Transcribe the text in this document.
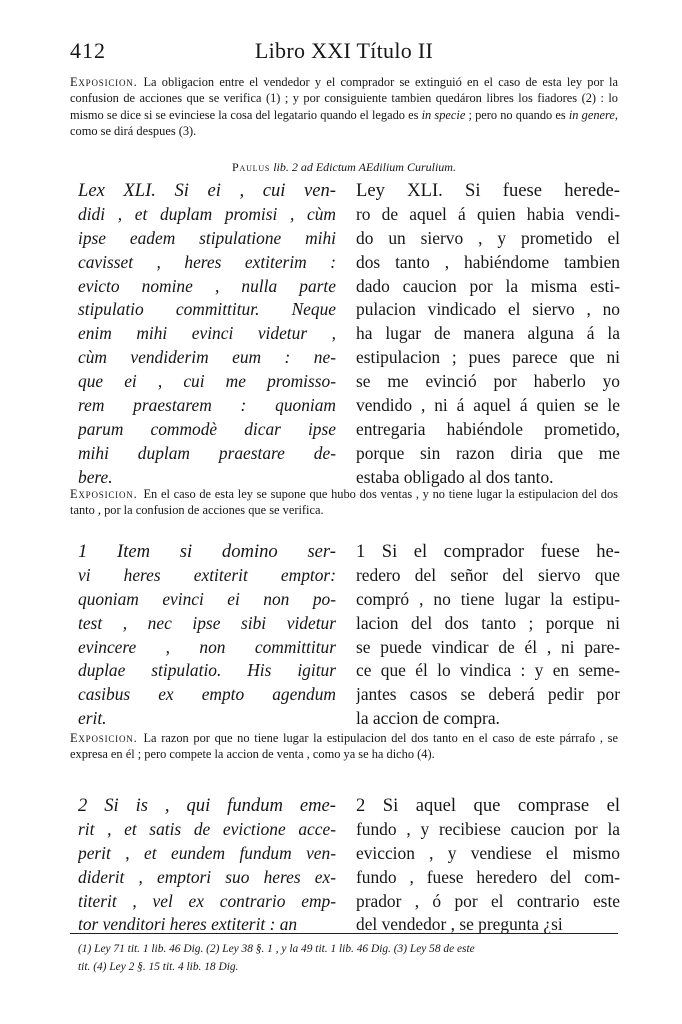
412	Libro XXI Título II
Exposicion. La obligacion entre el vendedor y el comprador se extinguió en el caso de esta ley por la confusion de acciones que se verifica (1) ; y por consiguiente tambien quedáron libres los fiadores (2) : lo mismo se dice si se evinciese la cosa del legatario quando el legado es in specie ; pero no quando es in genere, como se dirá despues (3).
Paulus lib. 2 ad Edictum AEdilium Curulium.
Lex XLI. Si ei , cui ven-
didi , et duplam promisi , cùm
ipse eadem stipulatione mihi
cavisset , heres extiterim :
evicto nomine , nulla parte
stipulatio committitur. Neque
enim mihi evinci videtur ,
cùm vendiderim eum : ne-
que ei , cui me promisso-
rem praestarem : quoniam
parum commodè dicar ipse
mihi duplam praestare de-
bere.
Ley XLI. Si fuese herede-
ro de aquel á quien habia vendi-
do un siervo , y prometido el
dos tanto , habiéndome tambien
dado caucion por la misma esti-
pulacion vindicado el siervo , no
ha lugar de manera alguna á la
estipulacion ; pues parece que ni
se me evinció por haberlo yo
vendido , ni á aquel á quien se le
entregaria habiéndole prometido,
porque sin razon diria que me
estaba obligado al dos tanto.
Exposicion. En el caso de esta ley se supone que hubo dos ventas , y no tiene lugar la estipulacion del dos tanto , por la confusion de acciones que se verifica.
1 Item si domino ser-
vi heres extiterit emptor:
quoniam evinci ei non po-
test , nec ipse sibi videtur
evincere , non committitur
duplae stipulatio. His igitur
casibus ex empto agendum
erit.
1 Si el comprador fuese he-
redero del señor del siervo que
compró , no tiene lugar la estipu-
lacion del dos tanto ; porque ni
se puede vindicar de él , ni pare-
ce que él lo vindica : y en seme-
jantes casos se deberá pedir por
la accion de compra.
Exposicion. La razon por que no tiene lugar la estipulacion del dos tanto en el caso de este párrafo , se expresa en él ; pero compete la accion de venta , como ya se ha dicho (4).
2 Si is , qui fundum eme-
rit , et satis de evictione acce-
perit , et eundem fundum ven-
diderit , emptori suo heres ex-
titerit , vel ex contrario emp-
tor venditori heres extiterit : an
2 Si aquel que comprase el
fundo , y recibiese caucion por la
eviccion , y vendiese el mismo
fundo , fuese heredero del com-
prador , ó por el contrario este
del vendedor , se pregunta ¿si
(1) Ley 71 tit. 1 lib. 46 Dig. (2) Ley 38 §. 1 , y la 49 tit. 1 lib. 46 Dig. (3) Ley 58 de este
tit. (4) Ley 2 §. 15 tit. 4 lib. 18 Dig.
